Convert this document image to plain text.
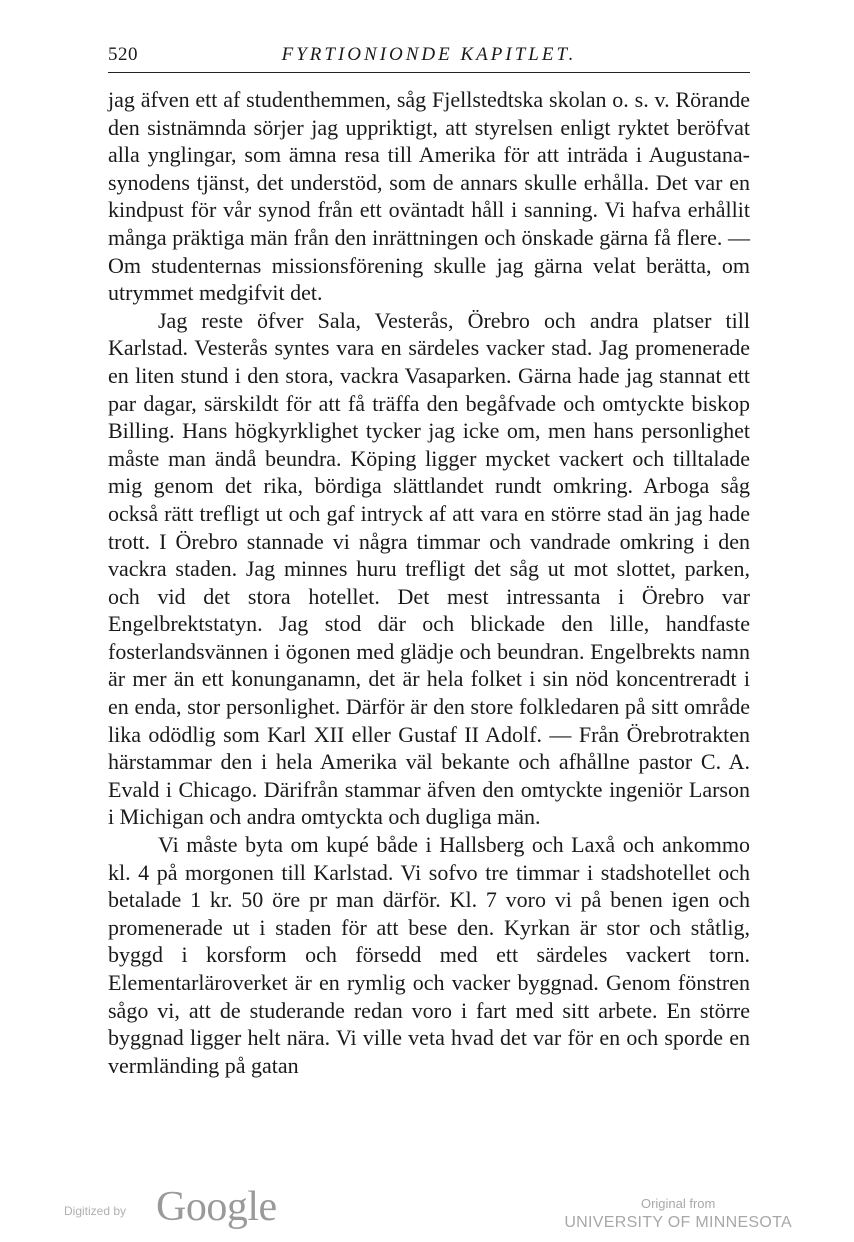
520	FYRTIONIONDE KAPITLET.

jag äfven ett af studenthemmen, såg Fjellstedtska skolan o. s. v. Rörande den sistnämnda sörjer jag uppriktigt, att styrelsen enligt ryktet beröfvat alla ynglingar, som ämna resa till Amerika för att inträda i Augustana-synodens tjänst, det understöd, som de annars skulle erhålla. Det var en kindpust för vår synod från ett oväntadt håll i sanning. Vi hafva erhållit många präktiga män från den inrättningen och önskade gärna få flere. — Om studenternas missionsförening skulle jag gärna velat berätta, om utrymmet medgifvit det.

Jag reste öfver Sala, Vesterås, Örebro och andra platser till Karlstad. Vesterås syntes vara en särdeles vacker stad. Jag promenerade en liten stund i den stora, vackra Vasaparken. Gärna hade jag stannat ett par dagar, särskildt för att få träffa den begåfvade och omtyckte biskop Billing. Hans högkyrklighet tycker jag icke om, men hans personlighet måste man ändå beundra. Köping ligger mycket vackert och tilltalade mig genom det rika, bördiga slättlandet rundt omkring. Arboga såg också rätt trefligt ut och gaf intryck af att vara en större stad än jag hade trott. I Örebro stannade vi några timmar och vandrade omkring i den vackra staden. Jag minnes huru trefligt det såg ut mot slottet, parken, och vid det stora hotellet. Det mest intressanta i Örebro var Engelbrektstatyn. Jag stod där och blickade den lille, handfaste fosterlandsvännen i ögonen med glädje och beundran. Engelbrekts namn är mer än ett konunganamn, det är hela folket i sin nöd koncentreradt i en enda, stor personlighet. Därför är den store folkledaren på sitt område lika odödlig som Karl XII eller Gustaf II Adolf. — Från Örebrotrakten härstammar den i hela Amerika väl bekante och afhållne pastor C. A. Evald i Chicago. Därifrån stammar äfven den omtyckte ingeniör Larson i Michigan och andra omtyckta och dugliga män.

Vi måste byta om kupé både i Hallsberg och Laxå och ankommo kl. 4 på morgonen till Karlstad. Vi sofvo tre timmar i stadshotellet och betalade 1 kr. 50 öre pr man därför. Kl. 7 voro vi på benen igen och promenerade ut i staden för att bese den. Kyrkan är stor och ståtlig, byggd i korsform och försedd med ett särdeles vackert torn. Elementarläroverket är en rymlig och vacker byggnad. Genom fönstren sågo vi, att de studerande redan voro i fart med sitt arbete. En större byggnad ligger helt nära. Vi ville veta hvad det var för en och sporde en vermländing på gatan

Digitized by Google	Original from
UNIVERSITY OF MINNESOTA
